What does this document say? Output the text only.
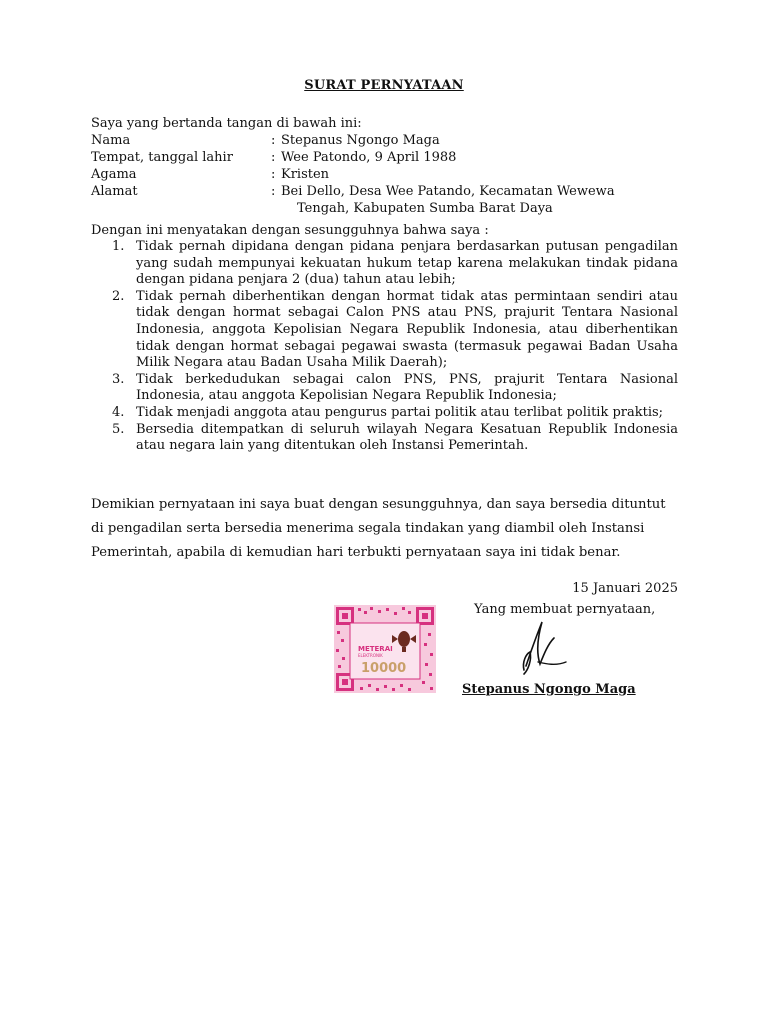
SURAT PERNYATAAN
Saya yang bertanda tangan di bawah ini:
Nama	: Stepanus Ngongo Maga
Tempat, tanggal lahir	: Wee Patondo, 9 April 1988
Agama	: Kristen
Alamat	: Bei Dello, Desa Wee Patando, Kecamatan Wewewa
Tengah, Kabupaten Sumba Barat Daya
Dengan ini menyatakan dengan sesungguhnya bahwa saya :
1. Tidak pernah dipidana dengan pidana penjara berdasarkan putusan pengadilan yang sudah mempunyai kekuatan hukum tetap karena melakukan tindak pidana dengan pidana penjara 2 (dua) tahun atau lebih;
2. Tidak pernah diberhentikan dengan hormat tidak atas permintaan sendiri atau tidak dengan hormat sebagai Calon PNS atau PNS, prajurit Tentara Nasional Indonesia, anggota Kepolisian Negara Republik Indonesia, atau diberhentikan tidak dengan hormat sebagai pegawai swasta (termasuk pegawai Badan Usaha Milik Negara atau Badan Usaha Milik Daerah);
3. Tidak berkedudukan sebagai calon PNS, PNS, prajurit Tentara Nasional Indonesia, atau anggota Kepolisian Negara Republik Indonesia;
4. Tidak menjadi anggota atau pengurus partai politik atau terlibat politik praktis;
5. Bersedia ditempatkan di seluruh wilayah Negara Kesatuan Republik Indonesia atau negara lain yang ditentukan oleh Instansi Pemerintah.
Demikian pernyataan ini saya buat dengan sesungguhnya, dan saya bersedia dituntut di pengadilan serta bersedia menerima segala tindakan yang diambil oleh Instansi Pemerintah, apabila di kemudian hari terbukti pernyataan saya ini tidak benar.
15 Januari 2025
Yang membuat pernyataan,
METERAI
ELEKTRONIK
10000
Stepanus Ngongo Maga
